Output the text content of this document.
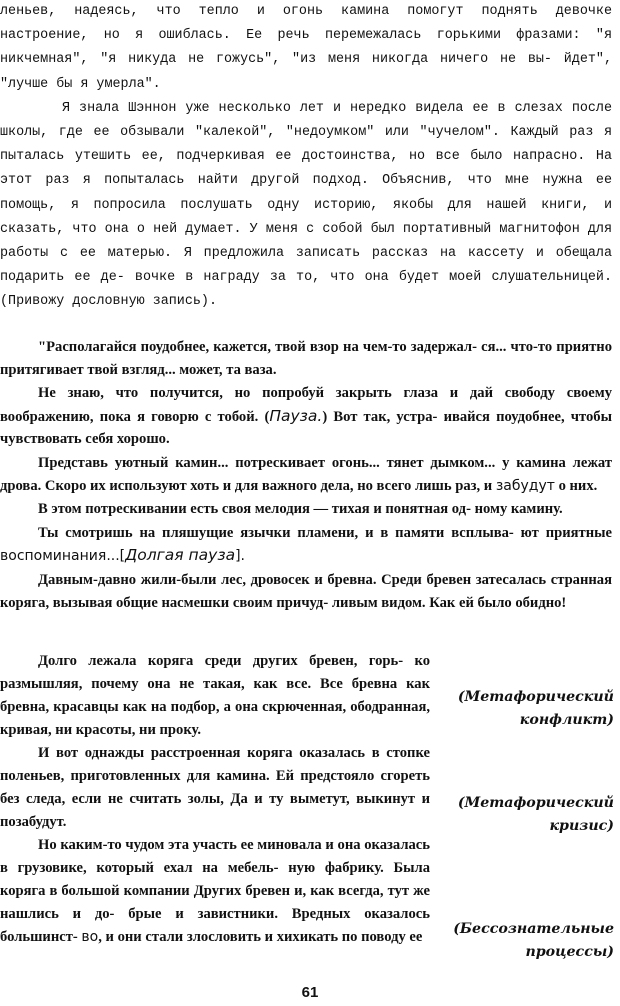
леньев, надеясь, что тепло и огонь камина помогут поднять девочке настроение, но я ошиблась. Ее речь перемежалась горькими фразами: "я никчемная", "я никуда не гожусь", "из меня никогда ничего не вы- йдет", "лучше бы я умерла".

Я знала Шэннон уже несколько лет и нередко видела ее в слезах после школы, где ее обзывали "калекой", "недоумком" или "чучелом". Каждый раз я пыталась утешить ее, подчеркивая ее достоинства, но все было напрасно. На этот раз я попыталась найти другой подход. Объяснив, что мне нужна ее помощь, я попросила послушать одну историю, якобы для нашей книги, и сказать, что она о ней думает. У меня с собой был портативный магнитофон для работы с ее матерью. Я предложила записать рассказ на кассету и обещала подарить ее де- вочке в награду за то, что она будет моей слушательницей. (Привожу дословную запись).

"Располагайся поудобнее, кажется, твой взор на чем-то задержал- ся... что-то приятно притягивает твой взгляд... может, та ваза.

Не знаю, что получится, но попробуй закрыть глаза и дай свободу своему воображению, пока я говорю с тобой. (Пауза.) Вот так, устра- ивайся поудобнее, чтобы чувствовать себя хорошо.

Представь уютный камин... потрескивает огонь... тянет дымком... у камина лежат дрова. Скоро их используют хоть и для важного дела, но всего лишь раз, и забудут о них.

В этом потрескивании есть своя мелодия — тихая и понятная од- ному камину.

Ты смотришь на пляшущие язычки пламени, и в памяти всплыва- ют приятные воспоминания...[Долгая пауза].

Давным-давно жили-были лес, дровосек и бревна. Среди бревен затесалась странная коряга, вызывая общие насмешки своим причуд- ливым видом. Как ей было обидно!

Долго лежала коряга среди других бревен, горь- ко размышляя, почему она не такая, как все. Все бревна как бревна, красавцы как на подбор, а она скрюченная, ободранная, кривая, ни красоты, ни проку.

И вот однажды расстроенная коряга оказалась в стопке поленьев, приготовленных для камина. Ей предстояло сгореть без следа, если не считать золы, Да и ту выметут, выкинут и позабудут.

Но каким-то чудом эта участь ее миновала и она оказалась в грузовике, который ехал на мебель- ную фабрику. Была коряга в большой компании Других бревен и, как всегда, тут же нашлись и до- брые и завистники. Вредных оказалось большинст- во, и они стали злословить и хихикать по поводу ее

(Метафорический
конфликт)
(Метафорический
кризис)
(Бессознательные
процессы)
61
